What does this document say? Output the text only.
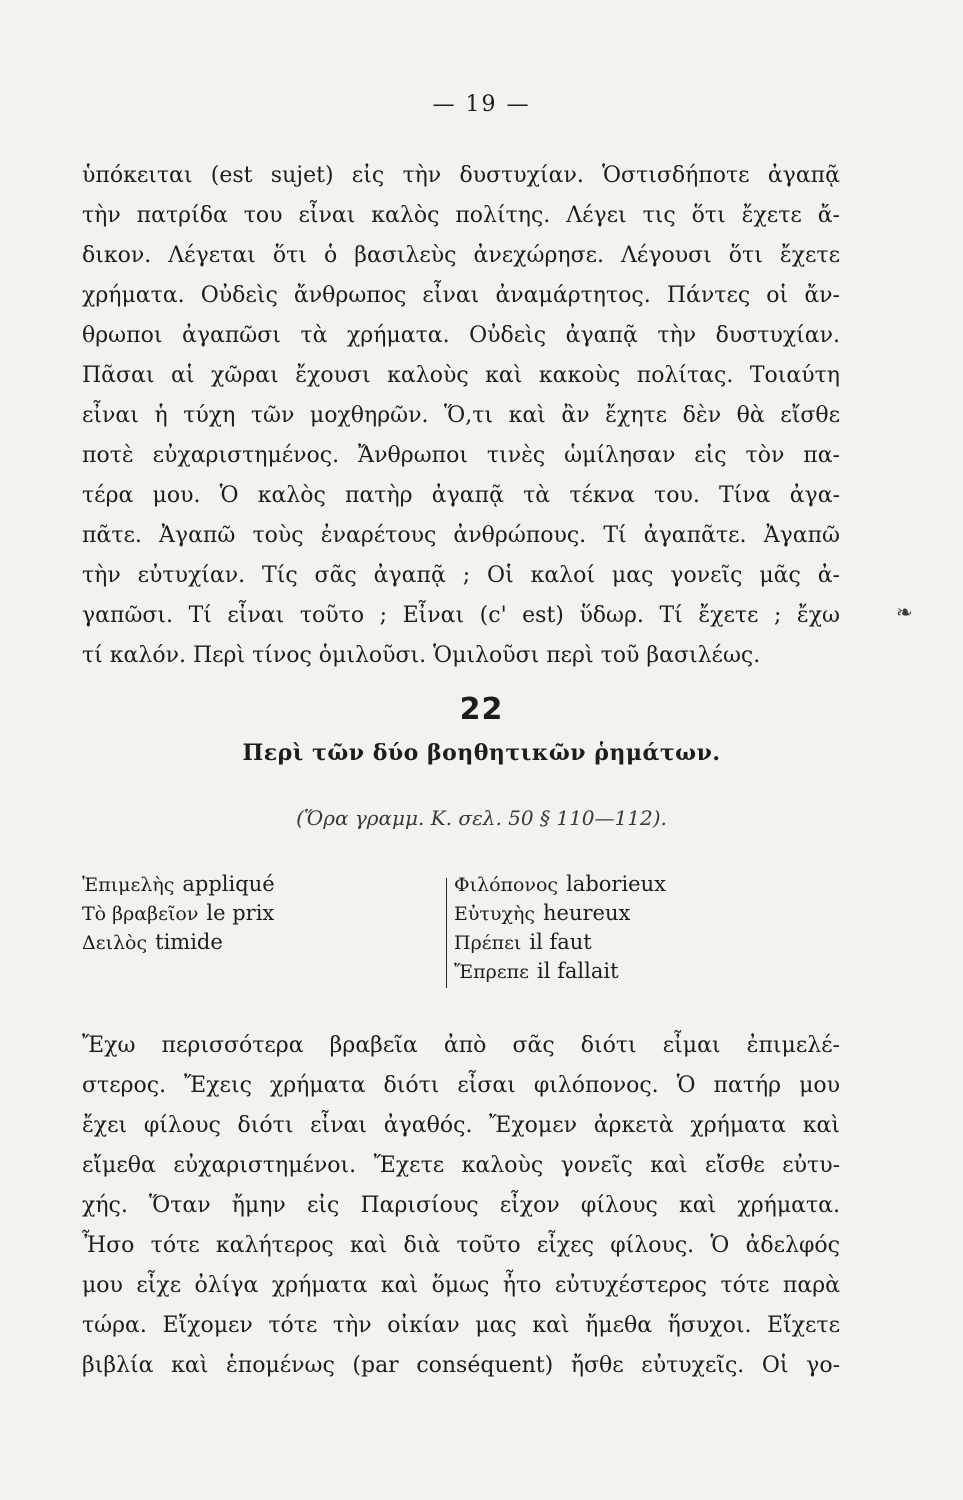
— 19 —
ὑπόκειται (est sujet) εἰς τὴν δυστυχίαν. Ὁστισδήποτε ἀγαπᾷ
τὴν πατρίδα του εἶναι καλὸς πολίτης. Λέγει τις ὅτι ἔχετε ἄ-
δικον. Λέγεται ὅτι ὁ βασιλεὺς ἀνεχώρησε. Λέγουσι ὅτι ἔχετε
χρήματα. Οὐδεὶς ἄνθρωπος εἶναι ἀναμάρτητος. Πάντες οἱ ἄν-
θρωποι ἀγαπῶσι τὰ χρήματα. Οὐδεὶς ἀγαπᾷ τὴν δυστυχίαν.
Πᾶσαι αἱ χῶραι ἔχουσι καλοὺς καὶ κακοὺς πολίτας. Τοιαύτη
εἶναι ἡ τύχη τῶν μοχθηρῶν. Ὅ,τι καὶ ἂν ἔχητε δὲν θὰ εἴσθε
ποτὲ εὐχαριστημένος. Ἄνθρωποι τινὲς ὡμίλησαν εἰς τὸν πα-
τέρα μου. Ὁ καλὸς πατὴρ ἀγαπᾷ τὰ τέκνα του. Τίνα ἀγα-
πᾶτε. Ἀγαπῶ τοὺς ἐναρέτους ἀνθρώπους. Τί ἀγαπᾶτε. Ἀγαπῶ
τὴν εὐτυχίαν. Τίς σᾶς ἀγαπᾷ ; Οἱ καλοί μας γονεῖς μᾶς ἀ-
γαπῶσι. Τί εἶναι τοῦτο ; Εἶναι (c' est) ὕδωρ. Τί ἔχετε ; ἔχω
τί καλόν. Περὶ τίνος ὁμιλοῦσι. Ὁμιλοῦσι περὶ τοῦ βασιλέως.
❧
22
Περὶ τῶν δύο βοηθητικῶν ῥημάτων.
(Ὅρα γραμμ. Κ. σελ. 50 § 110—112).
Ἐπιμελὴς appliqué
Τὸ βραβεῖον le prix
Δειλὸς timide
Φιλόπονος laborieux
Εὐτυχὴς heureux
Πρέπει il faut
Ἔπρεπε il fallait
Ἔχω περισσότερα βραβεῖα ἀπὸ σᾶς διότι εἶμαι ἐπιμελέ-
στερος. Ἔχεις χρήματα διότι εἶσαι φιλόπονος. Ὁ πατήρ μου
ἔχει φίλους διότι εἶναι ἀγαθός. Ἔχομεν ἀρκετὰ χρήματα καὶ
εἴμεθα εὐχαριστημένοι. Ἔχετε καλοὺς γονεῖς καὶ εἴσθε εὐτυ-
χής. Ὅταν ἤμην εἰς Παρισίους εἶχον φίλους καὶ χρήματα.
Ἦσο τότε καλήτερος καὶ διὰ τοῦτο εἶχες φίλους. Ὁ ἀδελφός
μου εἶχε ὀλίγα χρήματα καὶ ὅμως ἦτο εὐτυχέστερος τότε παρὰ
τώρα. Εἴχομεν τότε τὴν οἰκίαν μας καὶ ἤμεθα ἥσυχοι. Εἴχετε
βιβλία καὶ ἑπομένως (par conséquent) ἤσθε εὐτυχεῖς. Οἱ γο-
